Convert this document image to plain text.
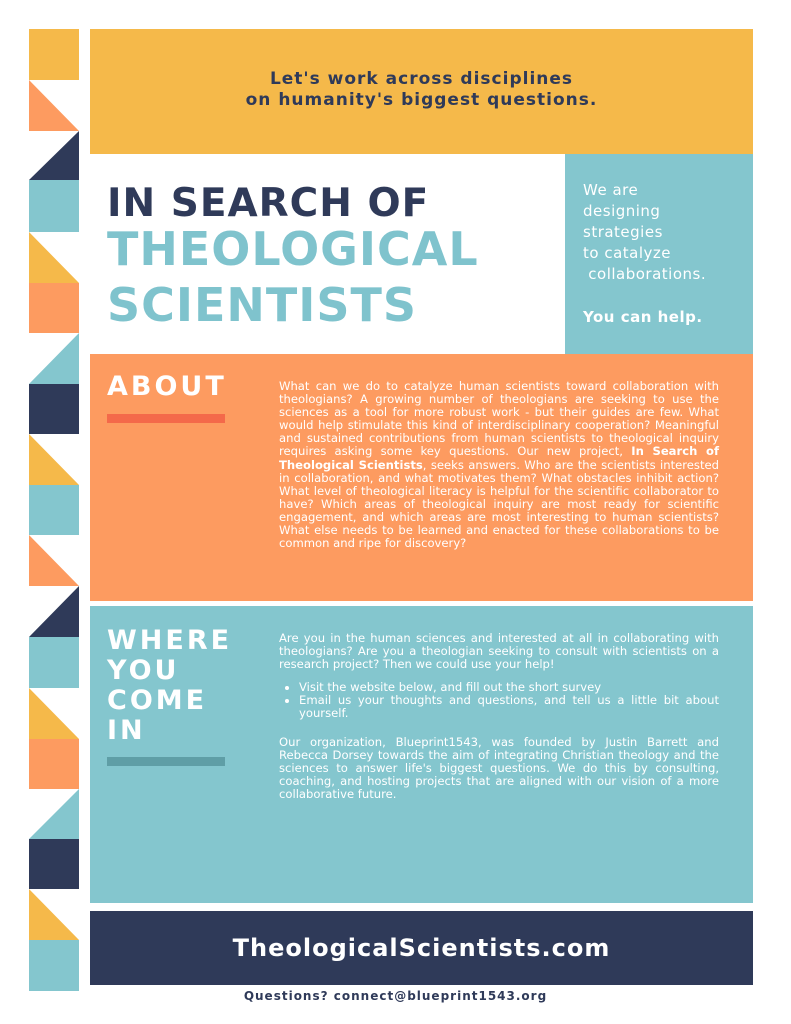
Let's work across disciplines
on humanity's biggest questions.
IN SEARCH OF
THEOLOGICAL
SCIENTISTS
We are
designing
strategies
to catalyze
collaborations.
You can help.
ABOUT	What can we do to catalyze human scientists toward collaboration with theologians? A growing number of theologians are seeking to use the sciences as a tool for more robust work - but their guides are few. What would help stimulate this kind of interdisciplinary cooperation? Meaningful and sustained contributions from human scientists to theological inquiry requires asking some key questions. Our new project, In Search of Theological Scientists, seeks answers. Who are the scientists interested in collaboration, and what motivates them? What obstacles inhibit action? What level of theological literacy is helpful for the scientific collaborator to have? Which areas of theological inquiry are most ready for scientific engagement, and which areas are most interesting to human scientists? What else needs to be learned and enacted for these collaborations to be common and ripe for discovery?
WHERE
YOU
COME
IN
Are you in the human sciences and interested at all in collaborating with theologians? Are you a theologian seeking to consult with scientists on a research project? Then we could use your help!
• Visit the website below, and fill out the short survey
• Email us your thoughts and questions, and tell us a little bit about yourself.
Our organization, Blueprint1543, was founded by Justin Barrett and Rebecca Dorsey towards the aim of integrating Christian theology and the sciences to answer life's biggest questions. We do this by consulting, coaching, and hosting projects that are aligned with our vision of a more collaborative future.
TheologicalScientists.com
Questions? connect@blueprint1543.org
